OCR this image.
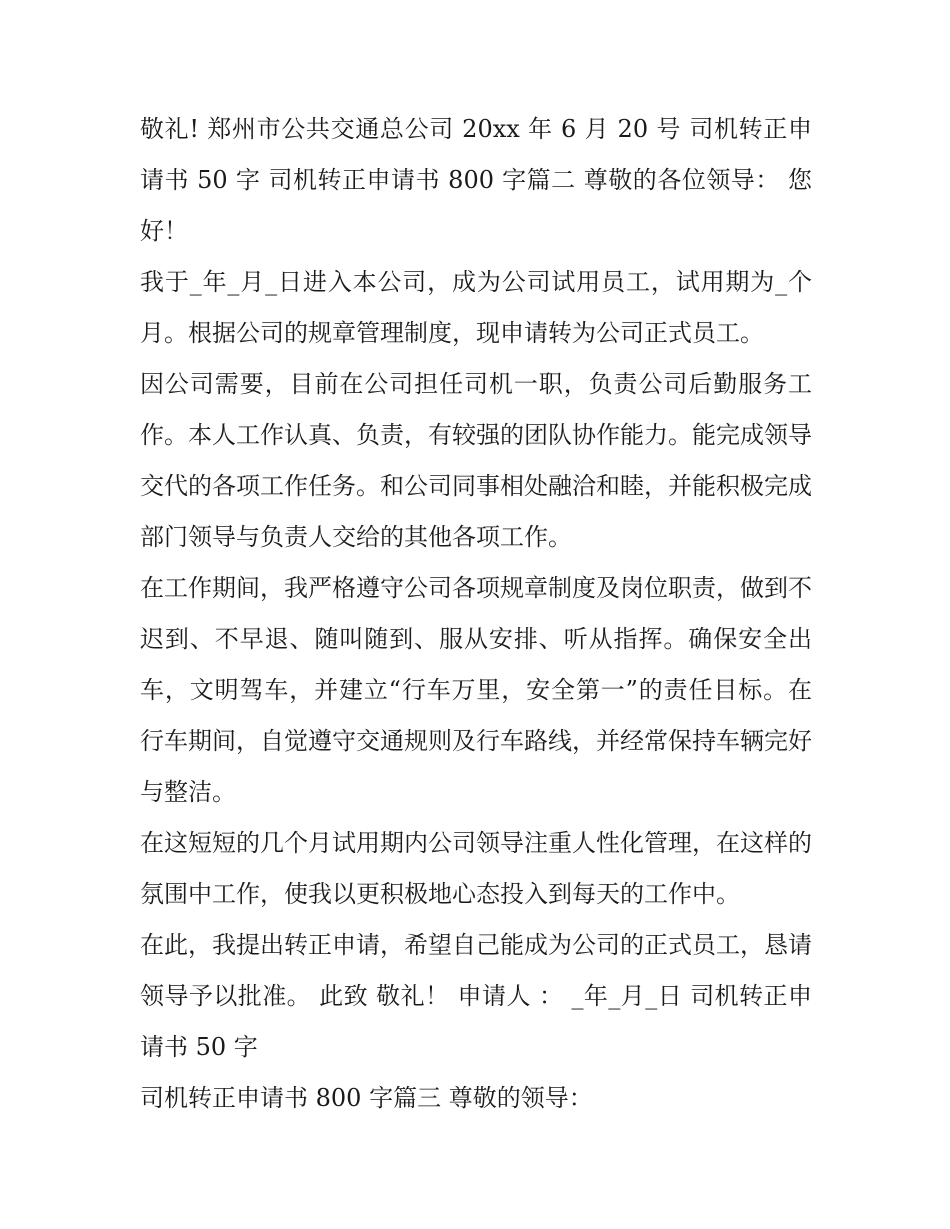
敬礼! 郑州市公共交通总公司 20xx 年 6 月 20 号 司机转正申请书 50 字 司机转正申请书 800 字篇二 尊敬的各位领导： 您好！

我于_年_月_日进入本公司，成为公司试用员工，试用期为_个月。根据公司的规章管理制度，现申请转为公司正式员工。

因公司需要，目前在公司担任司机一职，负责公司后勤服务工作。本人工作认真、负责，有较强的团队协作能力。能完成领导交代的各项工作任务。和公司同事相处融洽和睦，并能积极完成部门领导与负责人交给的其他各项工作。

在工作期间，我严格遵守公司各项规章制度及岗位职责，做到不迟到、不早退、随叫随到、服从安排、听从指挥。确保安全出车，文明驾车，并建立“行车万里，安全第一”的责任目标。在行车期间，自觉遵守交通规则及行车路线，并经常保持车辆完好与整洁。

在这短短的几个月试用期内公司领导注重人性化管理，在这样的氛围中工作，使我以更积极地心态投入到每天的工作中。

在此，我提出转正申请，希望自己能成为公司的正式员工，恳请领导予以批准。 此致 敬礼！ 申请人 ： _年_月_日 司机转正申请书 50 字

司机转正申请书 800 字篇三 尊敬的领导：
